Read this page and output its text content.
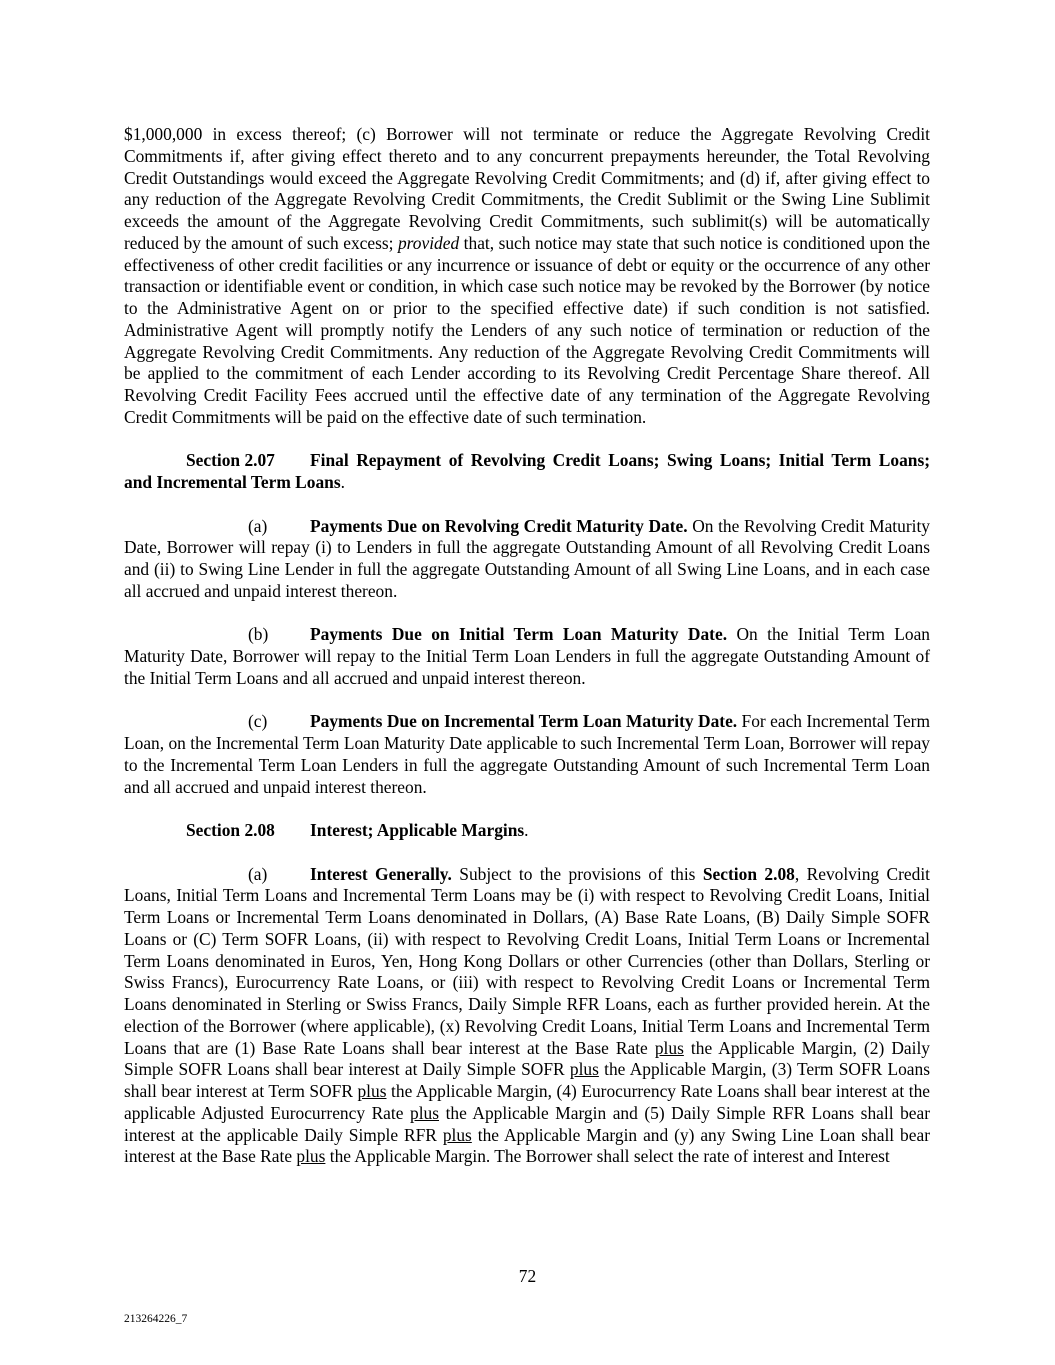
$1,000,000 in excess thereof; (c) Borrower will not terminate or reduce the Aggregate Revolving Credit Commitments if, after giving effect thereto and to any concurrent prepayments hereunder, the Total Revolving Credit Outstandings would exceed the Aggregate Revolving Credit Commitments; and (d) if, after giving effect to any reduction of the Aggregate Revolving Credit Commitments, the Credit Sublimit or the Swing Line Sublimit exceeds the amount of the Aggregate Revolving Credit Commitments, such sublimit(s) will be automatically reduced by the amount of such excess; provided that, such notice may state that such notice is conditioned upon the effectiveness of other credit facilities or any incurrence or issuance of debt or equity or the occurrence of any other transaction or identifiable event or condition, in which case such notice may be revoked by the Borrower (by notice to the Administrative Agent on or prior to the specified effective date) if such condition is not satisfied. Administrative Agent will promptly notify the Lenders of any such notice of termination or reduction of the Aggregate Revolving Credit Commitments. Any reduction of the Aggregate Revolving Credit Commitments will be applied to the commitment of each Lender according to its Revolving Credit Percentage Share thereof. All Revolving Credit Facility Fees accrued until the effective date of any termination of the Aggregate Revolving Credit Commitments will be paid on the effective date of such termination.

Section 2.07 Final Repayment of Revolving Credit Loans; Swing Loans; Initial Term Loans; and Incremental Term Loans.

(a) Payments Due on Revolving Credit Maturity Date. On the Revolving Credit Maturity Date, Borrower will repay (i) to Lenders in full the aggregate Outstanding Amount of all Revolving Credit Loans and (ii) to Swing Line Lender in full the aggregate Outstanding Amount of all Swing Line Loans, and in each case all accrued and unpaid interest thereon.

(b) Payments Due on Initial Term Loan Maturity Date. On the Initial Term Loan Maturity Date, Borrower will repay to the Initial Term Loan Lenders in full the aggregate Outstanding Amount of the Initial Term Loans and all accrued and unpaid interest thereon.

(c) Payments Due on Incremental Term Loan Maturity Date. For each Incremental Term Loan, on the Incremental Term Loan Maturity Date applicable to such Incremental Term Loan, Borrower will repay to the Incremental Term Loan Lenders in full the aggregate Outstanding Amount of such Incremental Term Loan and all accrued and unpaid interest thereon.

Section 2.08 Interest; Applicable Margins.

(a) Interest Generally. Subject to the provisions of this Section 2.08, Revolving Credit Loans, Initial Term Loans and Incremental Term Loans may be (i) with respect to Revolving Credit Loans, Initial Term Loans or Incremental Term Loans denominated in Dollars, (A) Base Rate Loans, (B) Daily Simple SOFR Loans or (C) Term SOFR Loans, (ii) with respect to Revolving Credit Loans, Initial Term Loans or Incremental Term Loans denominated in Euros, Yen, Hong Kong Dollars or other Currencies (other than Dollars, Sterling or Swiss Francs), Eurocurrency Rate Loans, or (iii) with respect to Revolving Credit Loans or Incremental Term Loans denominated in Sterling or Swiss Francs, Daily Simple RFR Loans, each as further provided herein. At the election of the Borrower (where applicable), (x) Revolving Credit Loans, Initial Term Loans and Incremental Term Loans that are (1) Base Rate Loans shall bear interest at the Base Rate plus the Applicable Margin, (2) Daily Simple SOFR Loans shall bear interest at Daily Simple SOFR plus the Applicable Margin, (3) Term SOFR Loans shall bear interest at Term SOFR plus the Applicable Margin, (4) Eurocurrency Rate Loans shall bear interest at the applicable Adjusted Eurocurrency Rate plus the Applicable Margin and (5) Daily Simple RFR Loans shall bear interest at the applicable Daily Simple RFR plus the Applicable Margin and (y) any Swing Line Loan shall bear interest at the Base Rate plus the Applicable Margin. The Borrower shall select the rate of interest and Interest

72
213264226_7
